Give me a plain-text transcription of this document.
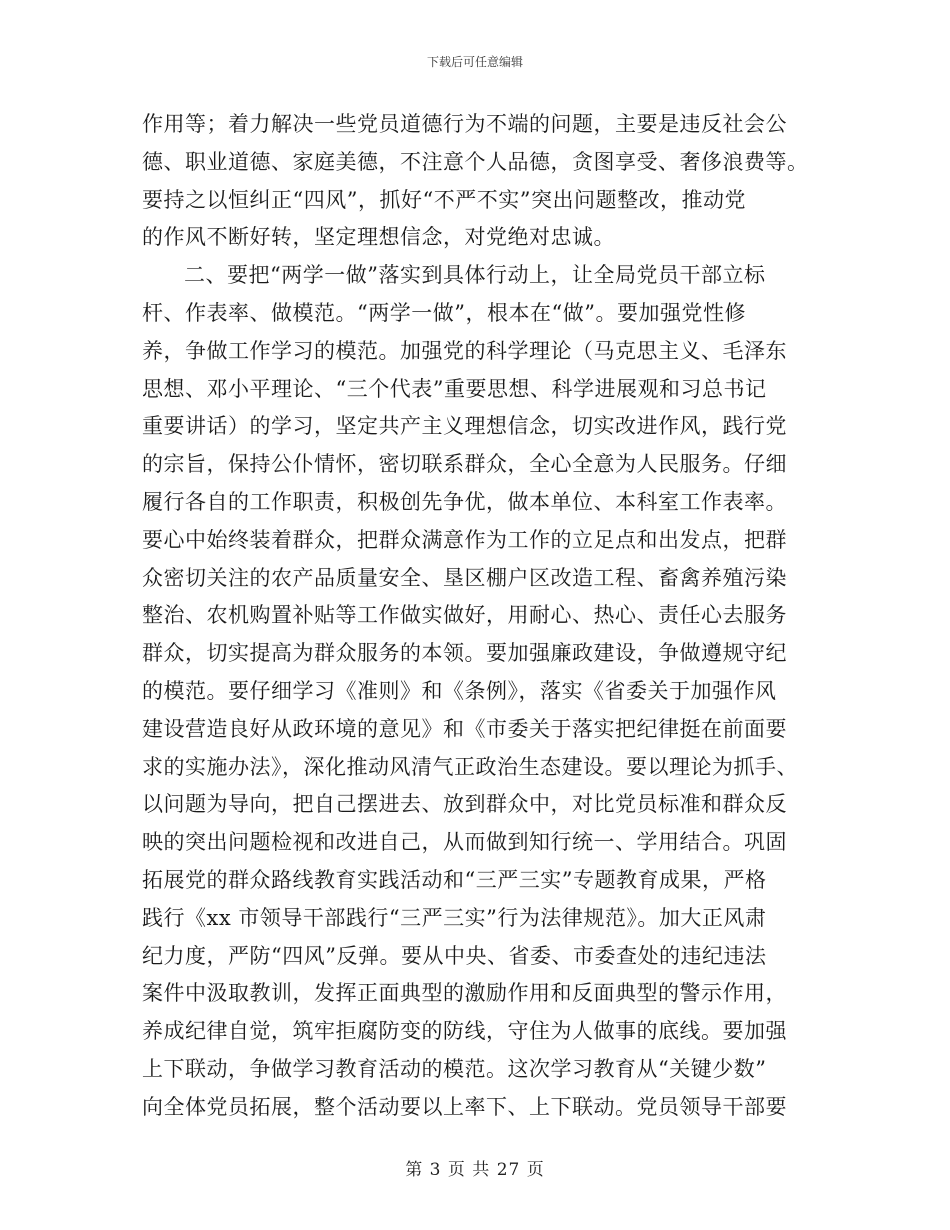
下载后可任意编辑
作用等；着力解决一些党员道德行为不端的问题，主要是违反社会公
德、职业道德、家庭美德，不注意个人品德，贪图享受、奢侈浪费等。
要持之以恒纠正“四风”，抓好“不严不实”突出问题整改，推动党
的作风不断好转，坚定理想信念，对党绝对忠诚。
二、要把“两学一做”落实到具体行动上，让全局党员干部立标
杆、作表率、做模范。“两学一做”，根本在“做”。要加强党性修
养，争做工作学习的模范。加强党的科学理论（马克思主义、毛泽东
思想、邓小平理论、“三个代表”重要思想、科学进展观和习总书记
重要讲话）的学习，坚定共产主义理想信念，切实改进作风，践行党
的宗旨，保持公仆情怀，密切联系群众，全心全意为人民服务。仔细
履行各自的工作职责，积极创先争优，做本单位、本科室工作表率。
要心中始终装着群众，把群众满意作为工作的立足点和出发点，把群
众密切关注的农产品质量安全、垦区棚户区改造工程、畜禽养殖污染
整治、农机购置补贴等工作做实做好，用耐心、热心、责任心去服务
群众，切实提高为群众服务的本领。要加强廉政建设，争做遵规守纪
的模范。要仔细学习《准则》和《条例》，落实《省委关于加强作风
建设营造良好从政环境的意见》和《市委关于落实把纪律挺在前面要
求的实施办法》，深化推动风清气正政治生态建设。要以理论为抓手、
以问题为导向，把自己摆进去、放到群众中，对比党员标准和群众反
映的突出问题检视和改进自己，从而做到知行统一、学用结合。巩固
拓展党的群众路线教育实践活动和“三严三实”专题教育成果，严格
践行《xx 市领导干部践行“三严三实”行为法律规范》。加大正风肃
纪力度，严防“四风”反弹。要从中央、省委、市委查处的违纪违法
案件中汲取教训，发挥正面典型的激励作用和反面典型的警示作用，
养成纪律自觉，筑牢拒腐防变的防线，守住为人做事的底线。要加强
上下联动，争做学习教育活动的模范。这次学习教育从“关键少数”
向全体党员拓展，整个活动要以上率下、上下联动。党员领导干部要
第 3 页 共 27 页
